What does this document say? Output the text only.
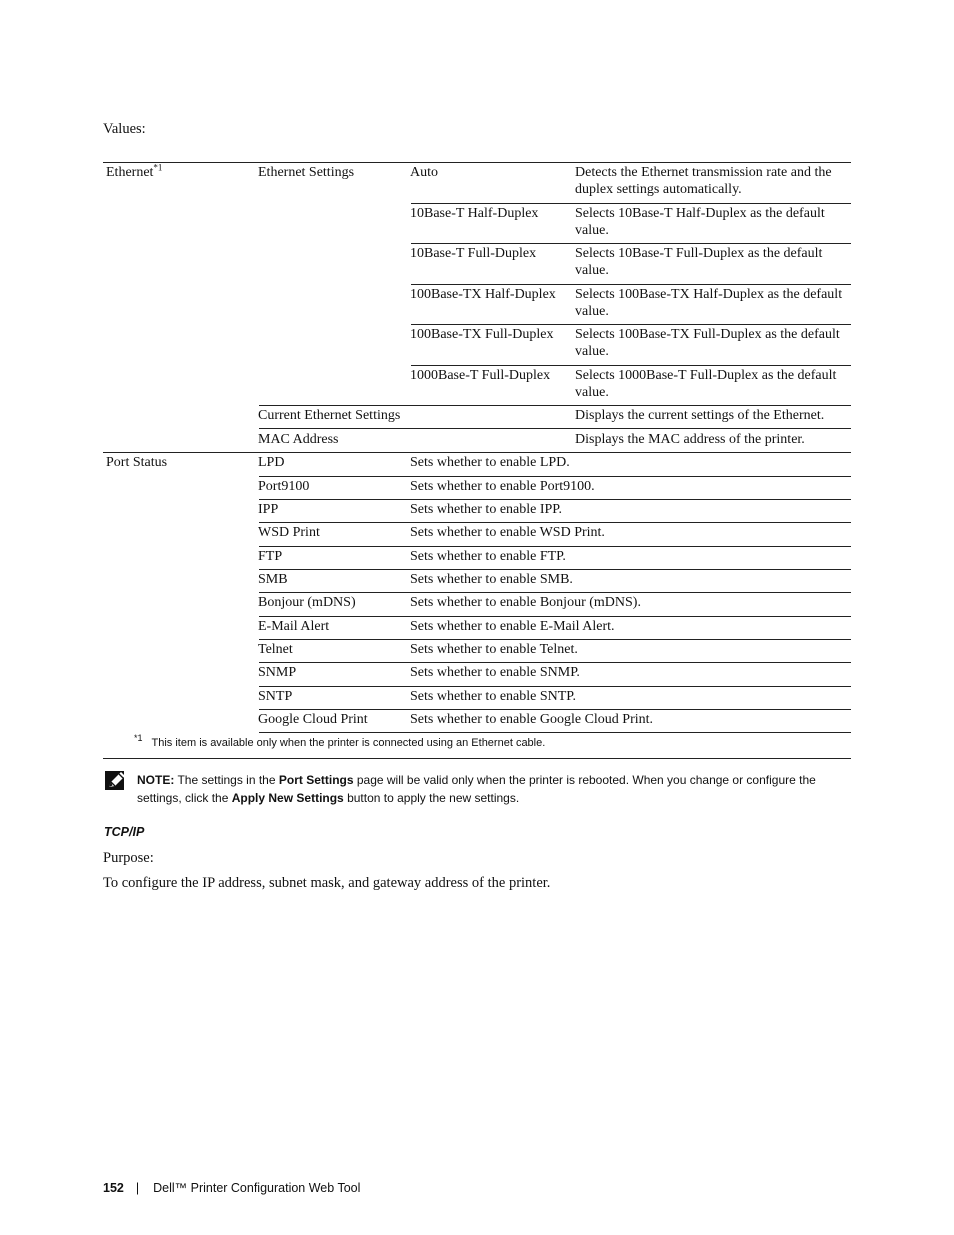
Values:
Ethernet$^{*1}$	Ethernet Settings	Auto	Detects the Ethernet transmission rate and the duplex settings automatically.
10Base-T Half-Duplex	Selects 10Base-T Half-Duplex as the default value.
10Base-T Full-Duplex	Selects 10Base-T Full-Duplex as the default value.
100Base-TX Half-Duplex	Selects 100Base-TX Half-Duplex as the default value.
100Base-TX Full-Duplex	Selects 100Base-TX Full-Duplex as the default value.
1000Base-T Full-Duplex	Selects 1000Base-T Full-Duplex as the default value.
Current Ethernet Settings	Displays the current settings of the Ethernet.
MAC Address	Displays the MAC address of the printer.
Port Status	LPD	Sets whether to enable LPD.
Port9100	Sets whether to enable Port9100.
IPP	Sets whether to enable IPP.
WSD Print	Sets whether to enable WSD Print.
FTP	Sets whether to enable FTP.
SMB	Sets whether to enable SMB.
Bonjour (mDNS)	Sets whether to enable Bonjour (mDNS).
E-Mail Alert	Sets whether to enable E-Mail Alert.
Telnet	Sets whether to enable Telnet.
SNMP	Sets whether to enable SNMP.
SNTP	Sets whether to enable SNTP.
Google Cloud Print	Sets whether to enable Google Cloud Print.
$^{*1}$ This item is available only when the printer is connected using an Ethernet cable.
NOTE: The settings in the Port Settings page will be valid only when the printer is rebooted. When you change or configure the settings, click the Apply New Settings button to apply the new settings.
TCP/IP
Purpose:
To configure the IP address, subnet mask, and gateway address of the printer.
152 | Dell™ Printer Configuration Web Tool
